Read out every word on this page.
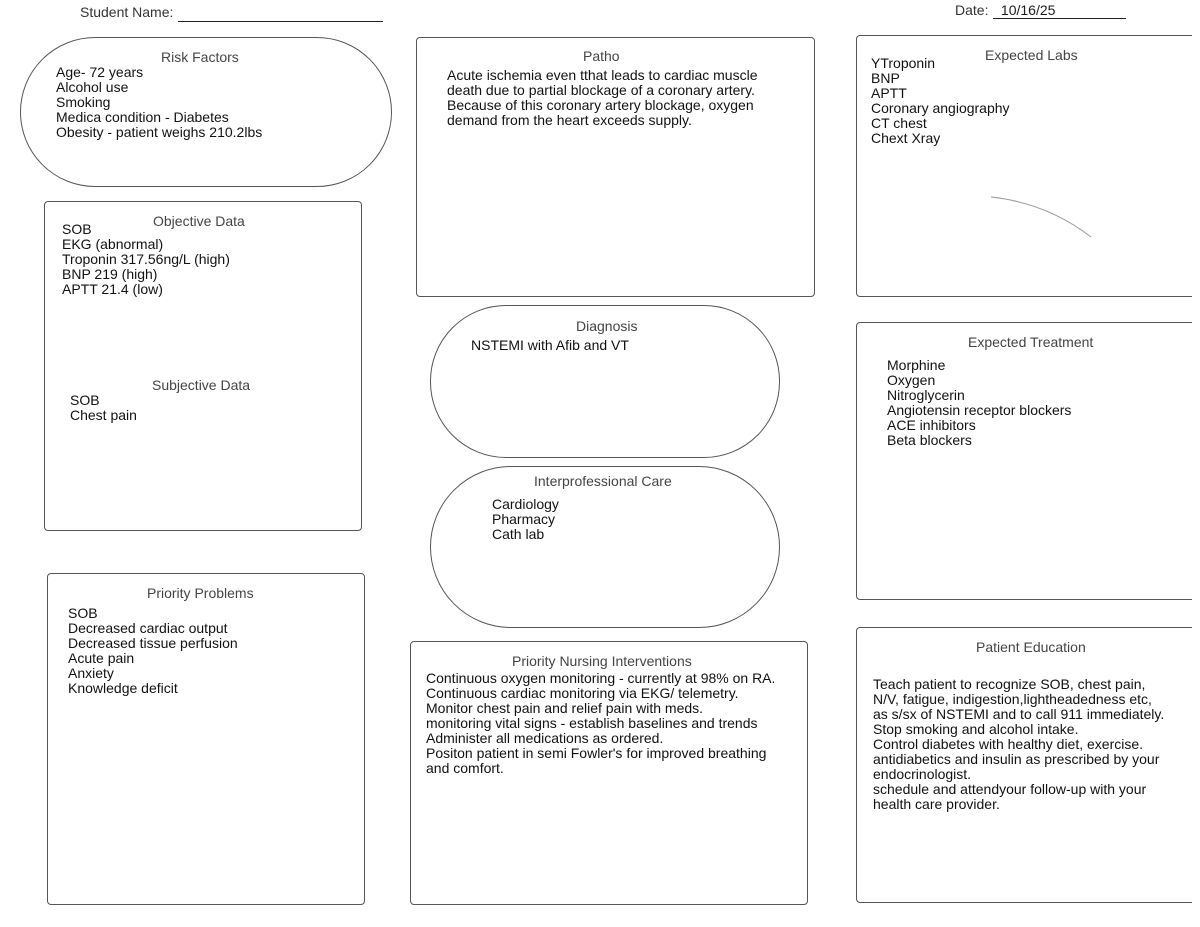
Student Name:	Date: 10/16/25
Risk Factors
Age- 72 years
Alcohol use
Smoking
Medica condition - Diabetes
Obesity - patient weighs 210.2lbs
Patho
Acute ischemia even tthat leads to cardiac muscle
death due to partial blockage of a coronary artery.
Because of this coronary artery blockage, oxygen
demand from the heart exceeds supply.
Expected Labs
YTroponin
BNP
APTT
Coronary angiography
CT chest
Chext Xray
Objective Data
SOB
EKG (abnormal)
Troponin 317.56ng/L (high)
BNP 219 (high)
APTT 21.4 (low)
Subjective Data
SOB
Chest pain
Diagnosis
NSTEMI with Afib and VT
Interprofessional Care
Cardiology
Pharmacy
Cath lab
Expected Treatment
Morphine
Oxygen
Nitroglycerin
Angiotensin receptor blockers
ACE inhibitors
Beta blockers
Priority Problems
SOB
Decreased cardiac output
Decreased tissue perfusion
Acute pain
Anxiety
Knowledge deficit
Priority Nursing Interventions
Continuous oxygen monitoring - currently at 98% on RA.
Continuous cardiac monitoring via EKG/ telemetry.
Monitor chest pain and relief pain with meds.
monitoring vital signs - establish baselines and trends
Administer all medications as ordered.
Positon patient in semi Fowler's for improved breathing
and comfort.
Patient Education
Teach patient to recognize SOB, chest pain,
N/V, fatigue, indigestion,lightheadedness etc,
as s/sx of NSTEMI and to call 911 immediately.
Stop smoking and alcohol intake.
Control diabetes with healthy diet, exercise.
antidiabetics and insulin as prescribed by your
endocrinologist.
schedule and attendyour follow-up with your
health care provider.
